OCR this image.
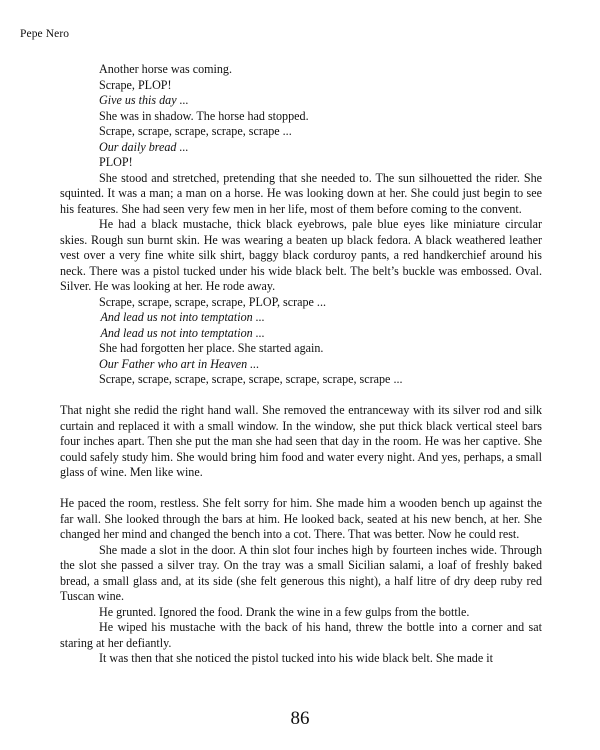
Pepe Nero

Another horse was coming.

Scrape, PLOP!

Give us this day ...

She was in shadow. The horse had stopped.

Scrape, scrape, scrape, scrape, scrape ...

Our daily bread ...

PLOP!

She stood and stretched, pretending that she needed to. The sun silhouetted the rider. She squinted. It was a man; a man on a horse. He was looking down at her. She could just begin to see his features. She had seen very few men in her life, most of them before coming to the convent.

He had a black mustache, thick black eyebrows, pale blue eyes like miniature circular skies. Rough sun burnt skin. He was wearing a beaten up black fedora. A black weathered leather vest over a very fine white silk shirt, baggy black corduroy pants, a red handkerchief around his neck. There was a pistol tucked under his wide black belt. The belt’s buckle was embossed. Oval. Silver. He was looking at her. He rode away.

Scrape, scrape, scrape, scrape, PLOP, scrape ...

And lead us not into temptation ...

And lead us not into temptation ...

She had forgotten her place. She started again.

Our Father who art in Heaven ...

Scrape, scrape, scrape, scrape, scrape, scrape, scrape, scrape ...

That night she redid the right hand wall. She removed the entranceway with its silver rod and silk curtain and replaced it with a small window. In the window, she put thick black vertical steel bars four inches apart. Then she put the man she had seen that day in the room. He was her captive. She could safely study him. She would bring him food and water every night. And yes, perhaps, a small glass of wine. Men like wine.

He paced the room, restless. She felt sorry for him. She made him a wooden bench up against the far wall. She looked through the bars at him. He looked back, seated at his new bench, at her. She changed her mind and changed the bench into a cot. There. That was better. Now he could rest.

She made a slot in the door. A thin slot four inches high by fourteen inches wide. Through the slot she passed a silver tray. On the tray was a small Sicilian salami, a loaf of freshly baked bread, a small glass and, at its side (she felt generous this night), a half litre of dry deep ruby red Tuscan wine.

He grunted. Ignored the food. Drank the wine in a few gulps from the bottle.

He wiped his mustache with the back of his hand, threw the bottle into a corner and sat staring at her defiantly.

It was then that she noticed the pistol tucked into his wide black belt. She made it

86
